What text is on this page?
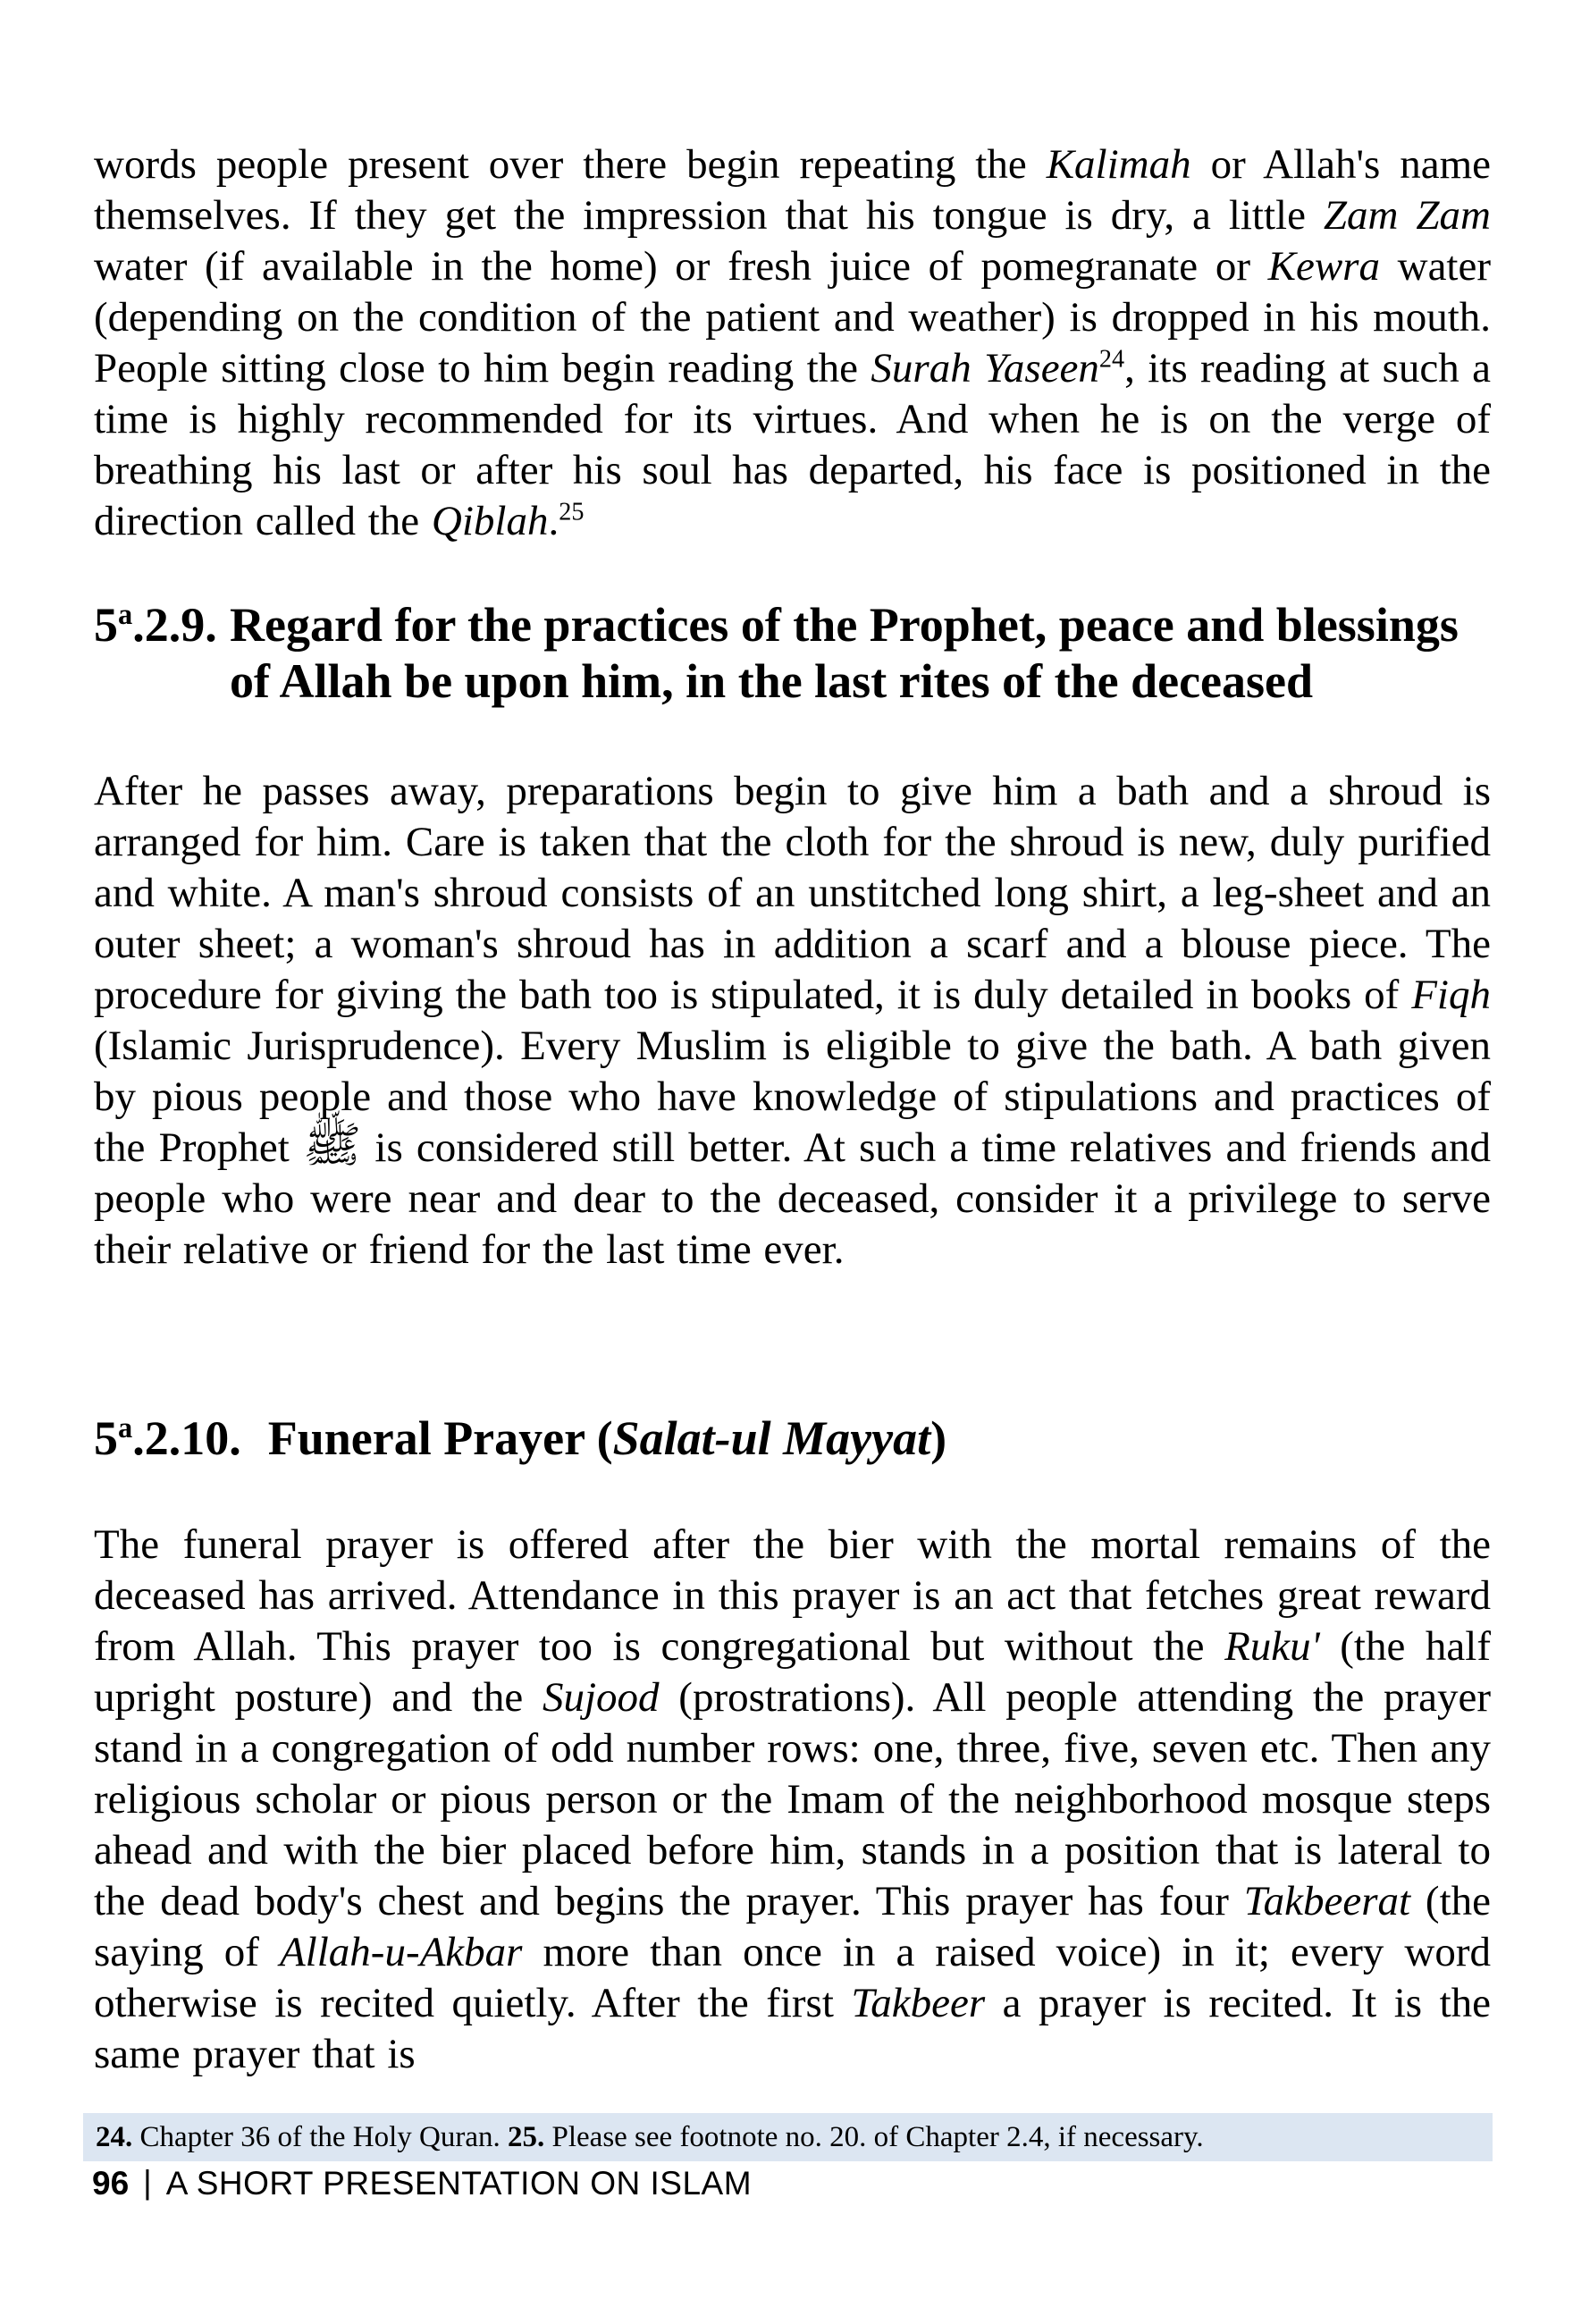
words people present over there begin repeating the Kalimah or Allah's name themselves. If they get the impression that his tongue is dry, a little Zam Zam water (if available in the home) or fresh juice of pomegranate or Kewra water (depending on the condition of the patient and weather) is dropped in his mouth. People sitting close to him begin reading the Surah Yaseen$^{24}$, its reading at such a time is highly recommended for its virtues. And when he is on the verge of breathing his last or after his soul has departed, his face is positioned in the direction called the Qiblah.$^{25}$
5$^a$.2.9. Regard for the practices of the Prophet, peace and blessings of Allah be upon him, in the last rites of the deceased
After he passes away, preparations begin to give him a bath and a shroud is arranged for him. Care is taken that the cloth for the shroud is new, duly purified and white. A man's shroud consists of an unstitched long shirt, a leg-sheet and an outer sheet; a woman's shroud has in addition a scarf and a blouse piece. The procedure for giving the bath too is stipulated, it is duly detailed in books of Fiqh (Islamic Jurisprudence). Every Muslim is eligible to give the bath. A bath given by pious people and those who have knowledge of stipulations and practices of the Prophet ﷺ is considered still better. At such a time relatives and friends and people who were near and dear to the deceased, consider it a privilege to serve their relative or friend for the last time ever.
5$^a$.2.10. Funeral Prayer (Salat-ul Mayyat)
The funeral prayer is offered after the bier with the mortal remains of the deceased has arrived. Attendance in this prayer is an act that fetches great reward from Allah. This prayer too is congregational but without the Ruku' (the half upright posture) and the Sujood (prostrations). All people attending the prayer stand in a congregation of odd number rows: one, three, five, seven etc. Then any religious scholar or pious person or the Imam of the neighborhood mosque steps ahead and with the bier placed before him, stands in a position that is lateral to the dead body's chest and begins the prayer. This prayer has four Takbeerat (the saying of Allah-u-Akbar more than once in a raised voice) in it; every word otherwise is recited quietly. After the first Takbeer a prayer is recited. It is the same prayer that is
24. Chapter 36 of the Holy Quran. 25. Please see footnote no. 20. of Chapter 2.4, if necessary.
96 | A SHORT PRESENTATION ON ISLAM
